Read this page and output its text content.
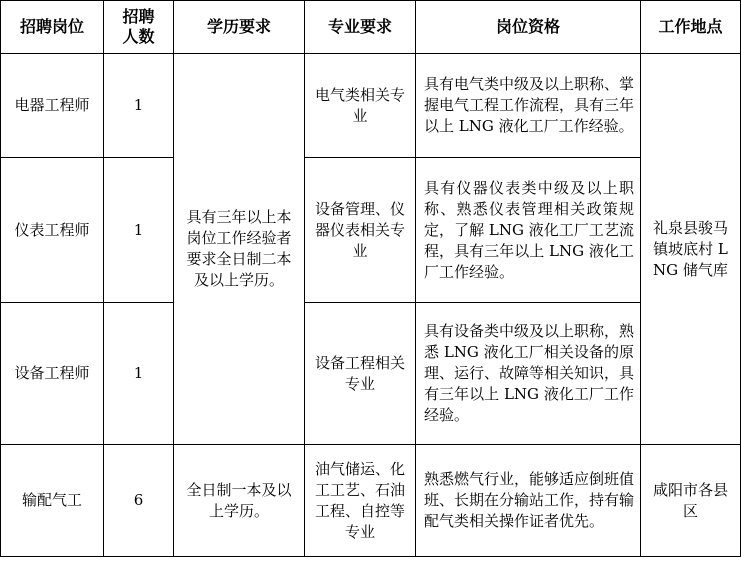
招聘岗位	招聘人数	学历要求	专业要求	岗位资格	工作地点
电器工程师	1	具有三年以上本岗位工作经验者要求全日制二本及以上学历。	电气类相关专业	具有电气类中级及以上职称、掌握电气工程工作流程，具有三年以上 LNG 液化工厂工作经验。	礼泉县骏马镇坡底村 LNG 储气库
仪表工程师	1		设备管理、仪器仪表相关专业	具有仪器仪表类中级及以上职称、熟悉仪表管理相关政策规定，了解 LNG 液化工厂工艺流程，具有三年以上 LNG 液化工厂工作经验。	
设备工程师	1		设备工程相关专业	具有设备类中级及以上职称，熟悉 LNG 液化工厂相关设备的原理、运行、故障等相关知识，具有三年以上 LNG 液化工厂工作经验。	
输配气工	6	全日制一本及以上学历。	油气储运、化工工艺、石油工程、自控等专业	熟悉燃气行业，能够适应倒班值班、长期在分输站工作，持有输配气类相关操作证者优先。	咸阳市各县区
